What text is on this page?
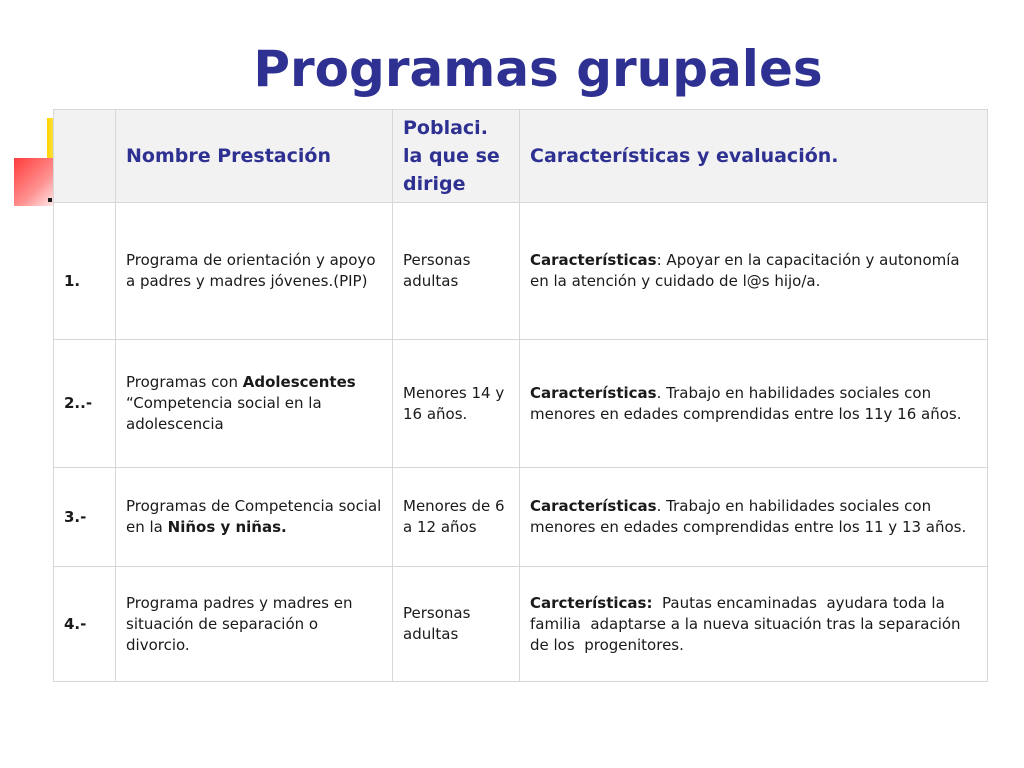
Programas grupales
	Nombre Prestación	Poblaci. la que se dirige	Características y evaluación.
1.	Programa de orientación y apoyo a padres y madres jóvenes.(PIP)	Personas adultas	Características: Apoyar en la capacitación y autonomía en la atención y cuidado de l@s hijo/a.
2..-	Programas con Adolescentes “Competencia social en la adolescencia	Menores 14 y 16 años.	Características. Trabajo en habilidades sociales con menores en edades comprendidas entre los 11y 16 años.
3.-	Programas de Competencia social en la Niños y niñas.	Menores de 6 a 12 años	Características. Trabajo en habilidades sociales con menores en edades comprendidas entre los 11 y 13 años.
4.-	Programa padres y madres en situación de separación o divorcio.	Personas adultas	Carcterísticas:  Pautas encaminadas  ayudara toda la familia  adaptarse a la nueva situación tras la separación de los  progenitores.
